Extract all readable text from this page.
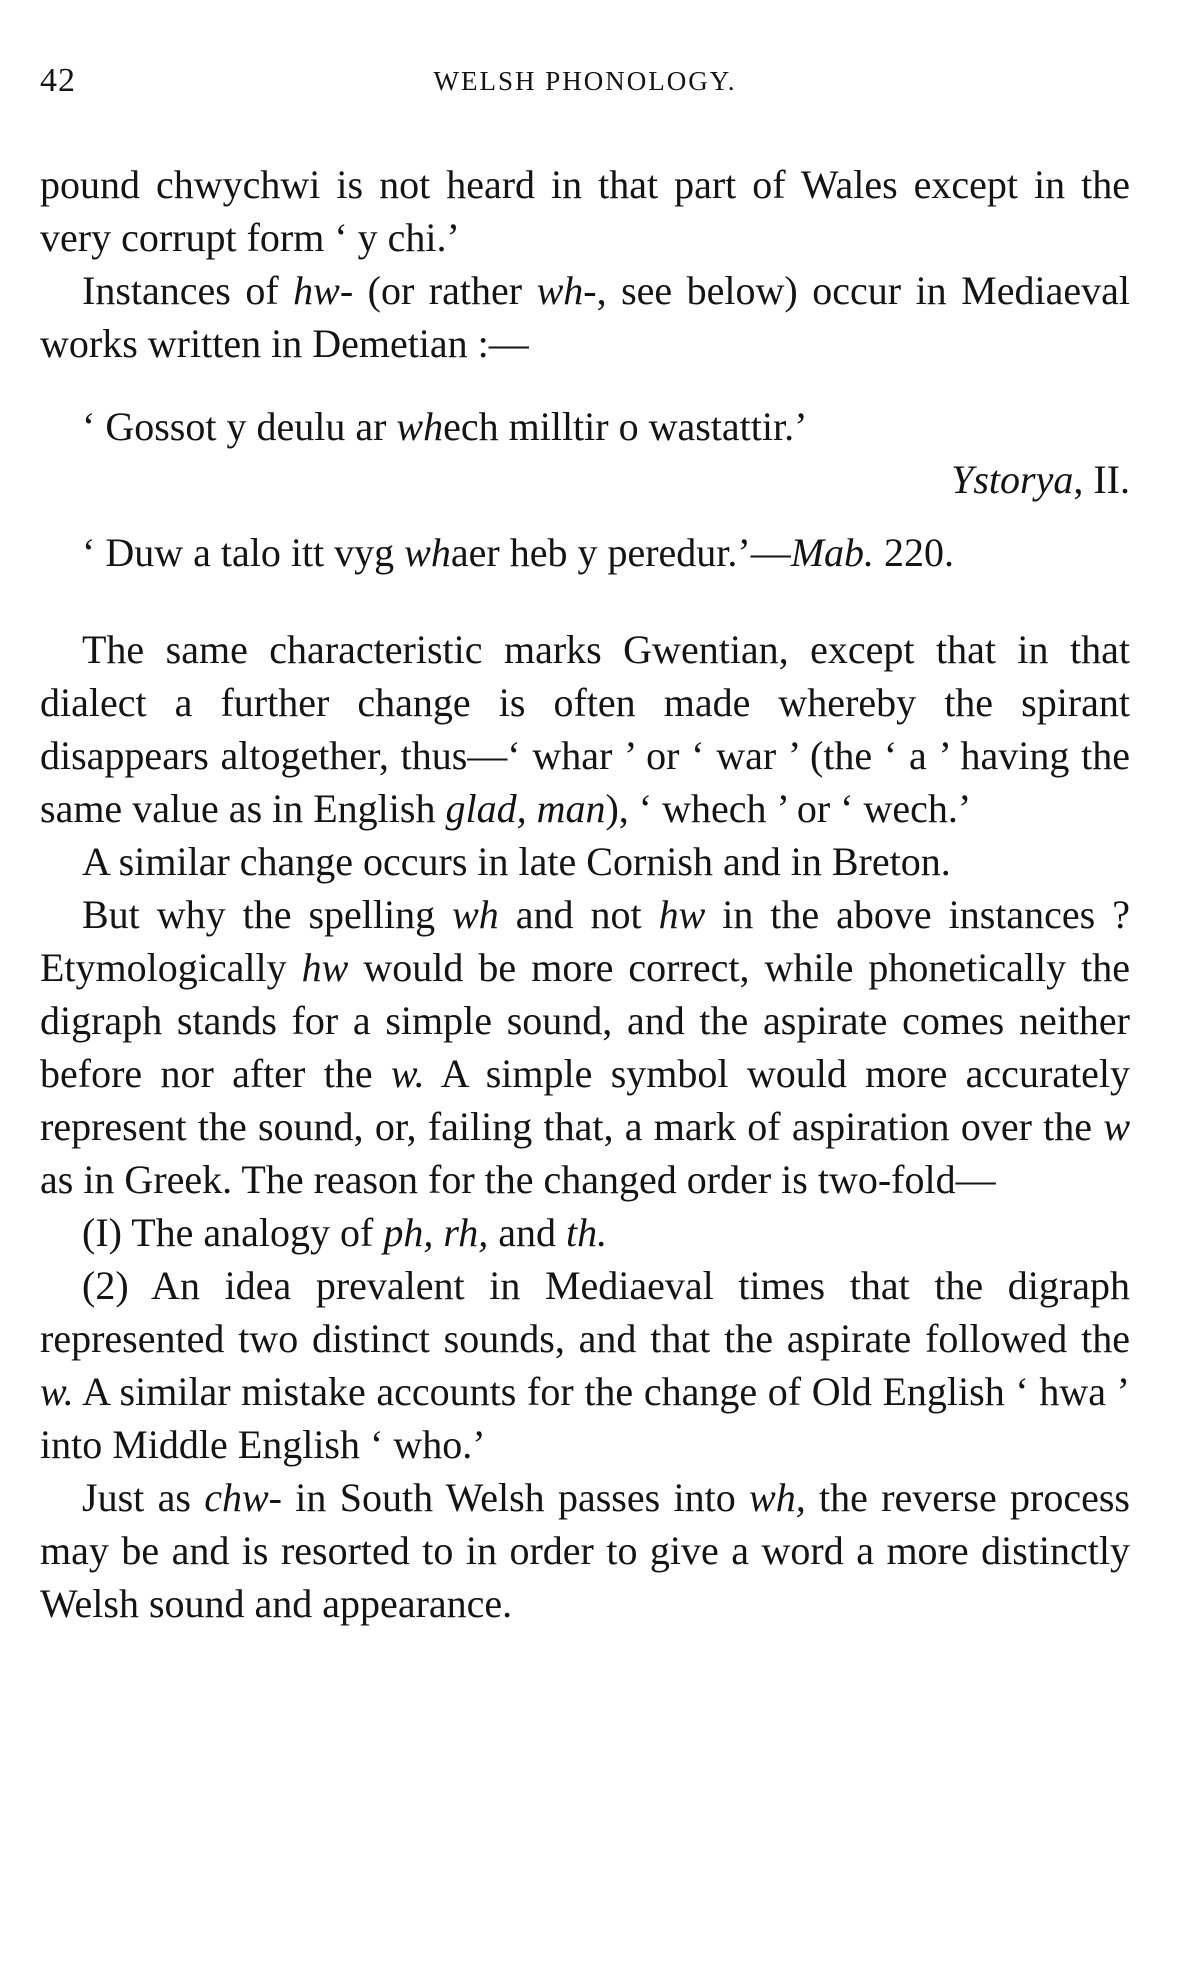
42	WELSH PHONOLOGY.

pound chwychwi is not heard in that part of Wales except in the very corrupt form ‘ y chi.’

Instances of hw- (or rather wh-, see below) occur in Mediaeval works written in Demetian :—

‘ Gossot y deulu ar whech milltir o wastattir.’

Ystorya, II.

‘ Duw a talo itt vyg whaer heb y peredur.’—Mab. 220.

The same characteristic marks Gwentian, except that in that dialect a further change is often made whereby the spirant disappears altogether, thus—‘ whar ’ or ‘ war ’ (the ‘ a ’ having the same value as in English glad, man), ‘ whech ’ or ‘ wech.’

A similar change occurs in late Cornish and in Breton.

But why the spelling wh and not hw in the above instances ? Etymologically hw would be more correct, while phonetically the digraph stands for a simple sound, and the aspirate comes neither before nor after the w. A simple symbol would more accurately represent the sound, or, failing that, a mark of aspiration over the w as in Greek. The reason for the changed order is two-fold—

(I) The analogy of ph, rh, and th.

(2) An idea prevalent in Mediaeval times that the digraph represented two distinct sounds, and that the aspirate followed the w. A similar mistake accounts for the change of Old English ‘ hwa ’ into Middle English ‘ who.’

Just as chw- in South Welsh passes into wh, the reverse process may be and is resorted to in order to give a word a more distinctly Welsh sound and appearance.
